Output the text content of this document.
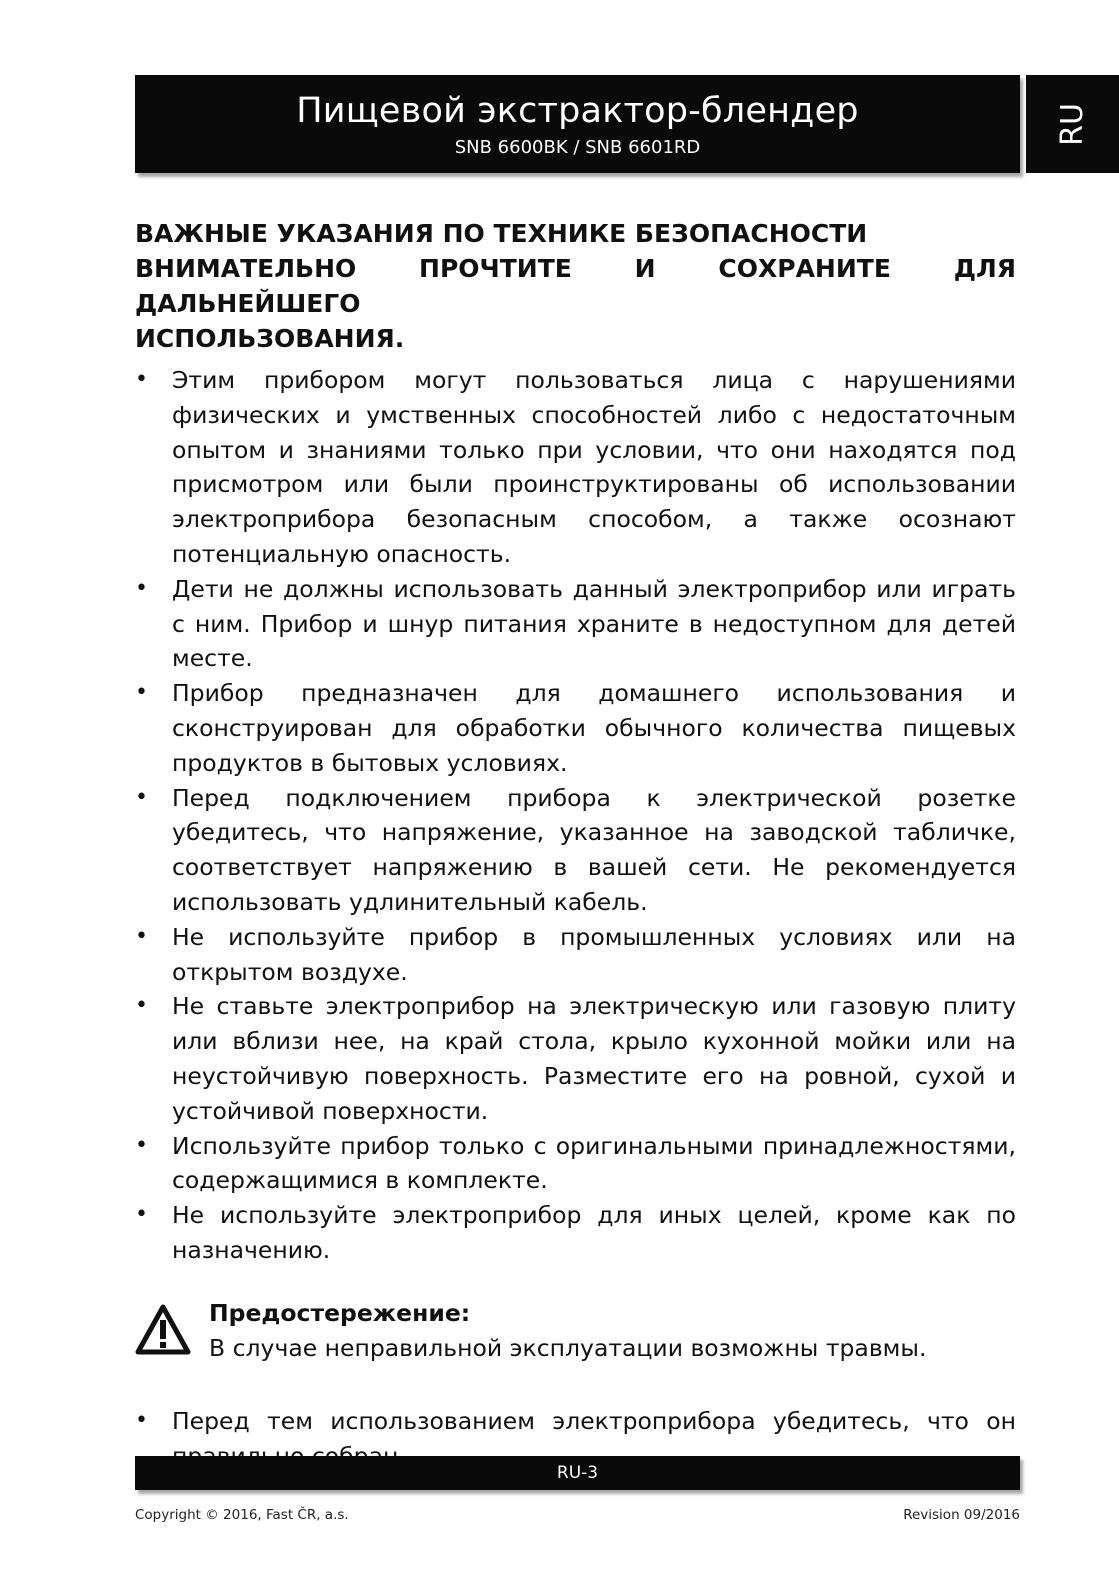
Пищевой экстрактор-блендер
SNB 6600BK / SNB 6601RD
RU
ВАЖНЫЕ УКАЗАНИЯ ПО ТЕХНИКЕ БЕЗОПАСНОСТИ
ВНИМАТЕЛЬНО ПРОЧТИТЕ И СОХРАНИТЕ ДЛЯ ДАЛЬНЕЙШЕГО
ИСПОЛЬЗОВАНИЯ.
• Этим прибором могут пользоваться лица с нарушениями физических и умственных способностей либо с недостаточным опытом и знаниями только при условии, что они находятся под присмотром или были проинструктированы об использовании электроприбора безопасным способом, а также осознают потенциальную опасность.
• Дети не должны использовать данный электроприбор или играть с ним. Прибор и шнур питания храните в недоступном для детей месте.
• Прибор предназначен для домашнего использования и сконструирован для обработки обычного количества пищевых продуктов в бытовых условиях.
• Перед подключением прибора к электрической розетке убедитесь, что напряжение, указанное на заводской табличке, соответствует напряжению в вашей сети. Не рекомендуется использовать удлинительный кабель.
• Не используйте прибор в промышленных условиях или на открытом воздухе.
• Не ставьте электроприбор на электрическую или газовую плиту или вблизи нее, на край стола, крыло кухонной мойки или на неустойчивую поверхность. Разместите его на ровной, сухой и устойчивой поверхности.
• Используйте прибор только с оригинальными принадлежностями, содержащимися в комплекте.
• Не используйте электроприбор для иных целей, кроме как по назначению.
Предостережение:
В случае неправильной эксплуатации возможны травмы.
• Перед тем использованием электроприбора убедитесь, что он
RU-3
Copyright © 2016, Fast ČR, a.s.	Revision 09/2016
